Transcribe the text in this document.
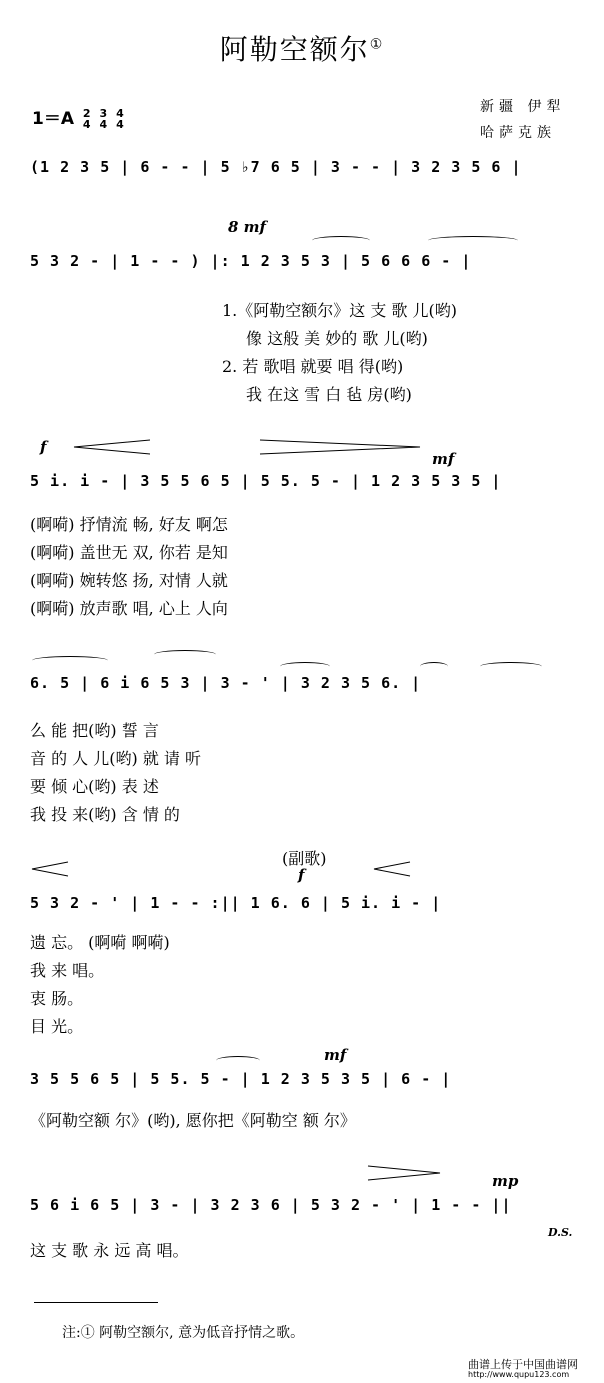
阿勒空额尔①
1＝A 2
4

3
4

4
4
新疆 伊犁
哈萨克族
(1 2 3 5 | 6 - - | 5 ♭7 6 5 | 3 - - | 3 2 3 5 6 |
8 mf
5 3 2 - | 1 - - ) |: 1 2 3 5 3 | 5 6 6 6 - |
1.《阿勒空额尔》这 支 歌 儿(哟)
像 这般 美 妙的 歌 儿(哟)
2. 若 歌唱 就要 唱 得(哟)
我 在这 雪 白 毡 房(哟)
f
mf
5 i. i - | 3 5 5 6 5 | 5 5. 5 - | 1 2 3 5 3 5 |
(啊嗬) 抒情流 畅, 好友 啊怎
(啊嗬) 盖世无 双, 你若 是知
(啊嗬) 婉转悠 扬, 对情 人就
(啊嗬) 放声歌 唱, 心上 人向
6. 5 | 6 i 6 5 3 | 3 - ' | 3 2 3 5 6. |
么 能 把(哟) 誓 言
音 的 人 儿(哟) 就 请 听
要 倾 心(哟) 表 述
我 投 来(哟) 含 情 的
(副歌)
f
5 3 2 - ' | 1 - - :|| 1 6. 6 | 5 i. i - |
遗 忘。 (啊嗬 啊嗬)
我 来 唱。
衷 肠。
目 光。
mf
3 5 5 6 5 | 5 5. 5 - | 1 2 3 5 3 5 | 6 - |
《阿勒空额 尔》(哟), 愿你把《阿勒空 额 尔》
mp
5 6 i 6 5 | 3 - | 3 2 3 6 | 5 3 2 - ' | 1 - - ||
D.S.
这 支 歌 永 远 高 唱。
注:① 阿勒空额尔, 意为低音抒情之歌。
曲谱上传于中国曲谱网
http://www.qupu123.com
